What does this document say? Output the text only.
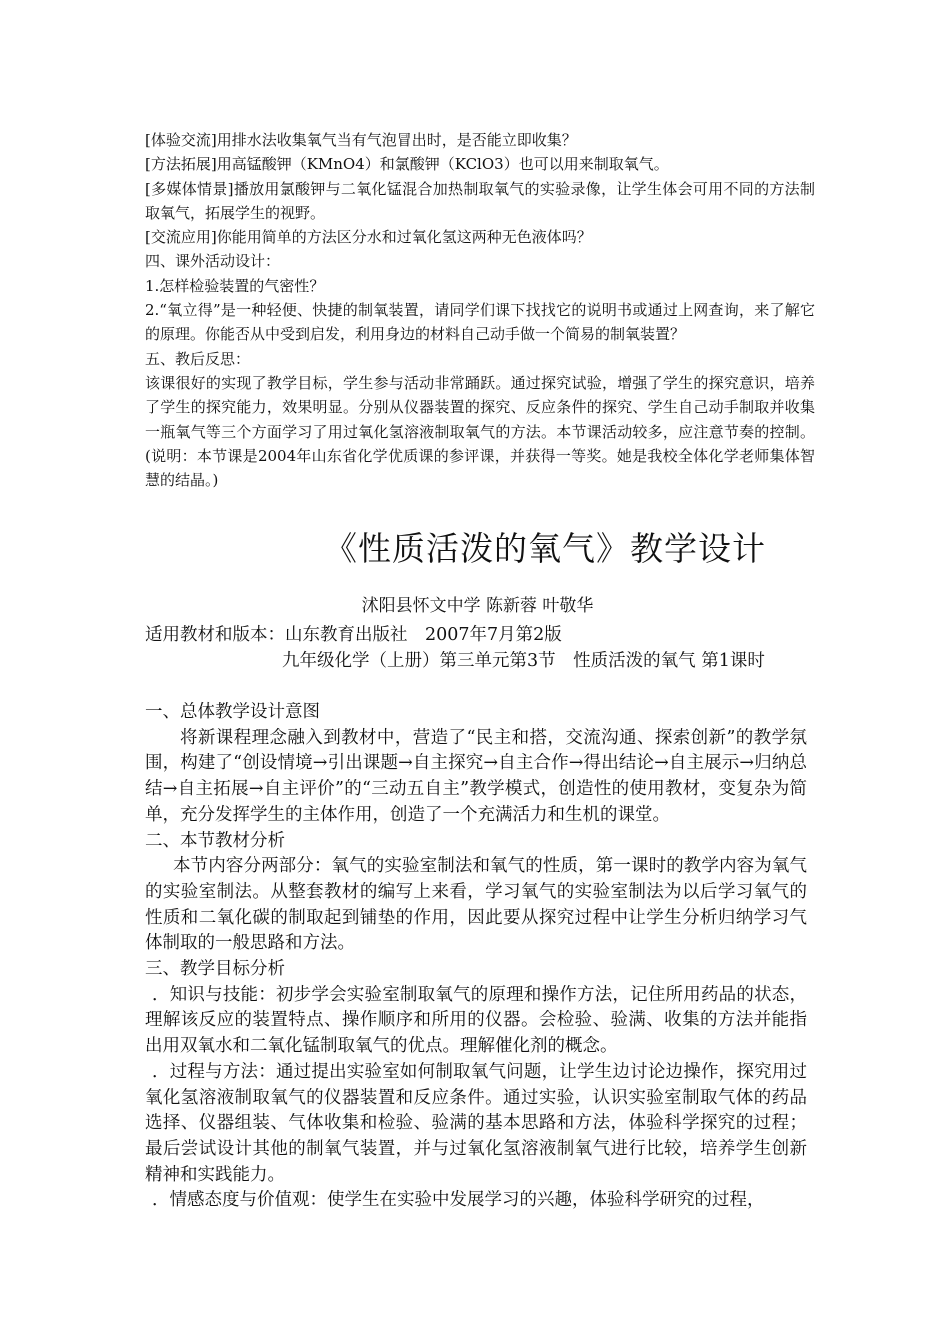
[体验交流]用排水法收集氧气当有气泡冒出时，是否能立即收集？

[方法拓展]用高锰酸钾（KMnO4）和氯酸钾（KClO3）也可以用来制取氧气。

[多媒体情景]播放用氯酸钾与二氧化锰混合加热制取氧气的实验录像，让学生体会可用不同的方法制取氧气，拓展学生的视野。

[交流应用]你能用简单的方法区分水和过氧化氢这两种无色液体吗？

四、课外活动设计：

1.怎样检验装置的气密性？

2.“氧立得”是一种轻便、快捷的制氧装置，请同学们课下找找它的说明书或通过上网查询，来了解它的原理。你能否从中受到启发，利用身边的材料自己动手做一个简易的制氧装置？

五、教后反思：

该课很好的实现了教学目标，学生参与活动非常踊跃。通过探究试验，增强了学生的探究意识，培养了学生的探究能力，效果明显。分别从仪器装置的探究、反应条件的探究、学生自己动手制取并收集一瓶氧气等三个方面学习了用过氧化氢溶液制取氧气的方法。本节课活动较多，应注意节奏的控制。(说明：本节课是2004年山东省化学优质课的参评课，并获得一等奖。她是我校全体化学老师集体智慧的结晶。)

《性质活泼的氧气》教学设计
沭阳县怀文中学 陈新蓉 叶敬华

适用教材和版本：山东教育出版社　2007年7月第2版

九年级化学（上册）第三单元第3节　性质活泼的氧气 第1课时

一、总体教学设计意图

将新课程理念融入到教材中，营造了“民主和搭，交流沟通、探索创新”的教学氛围，构建了“创设情境→引出课题→自主探究→自主合作→得出结论→自主展示→归纳总结→自主拓展→自主评价”的“三动五自主”教学模式，创造性的使用教材，变复杂为简单，充分发挥学生的主体作用，创造了一个充满活力和生机的课堂。

二、本节教材分析

本节内容分两部分：氧气的实验室制法和氧气的性质，第一课时的教学内容为氧气的实验室制法。从整套教材的编写上来看，学习氧气的实验室制法为以后学习氧气的性质和二氧化碳的制取起到铺垫的作用，因此要从探究过程中让学生分析归纳学习气体制取的一般思路和方法。

三、教学目标分析

．知识与技能：初步学会实验室制取氧气的原理和操作方法，记住所用药品的状态，理解该反应的装置特点、操作顺序和所用的仪器。会检验、验满、收集的方法并能指出用双氧水和二氧化锰制取氧气的优点。理解催化剂的概念。

．过程与方法：通过提出实验室如何制取氧气问题，让学生边讨论边操作，探究用过氧化氢溶液制取氧气的仪器装置和反应条件。通过实验，认识实验室制取气体的药品选择、仪器组装、气体收集和检验、验满的基本思路和方法，体验科学探究的过程；最后尝试设计其他的制氧气装置，并与过氧化氢溶液制氧气进行比较，培养学生创新精神和实践能力。

．情感态度与价值观：使学生在实验中发展学习的兴趣，体验科学研究的过程，
